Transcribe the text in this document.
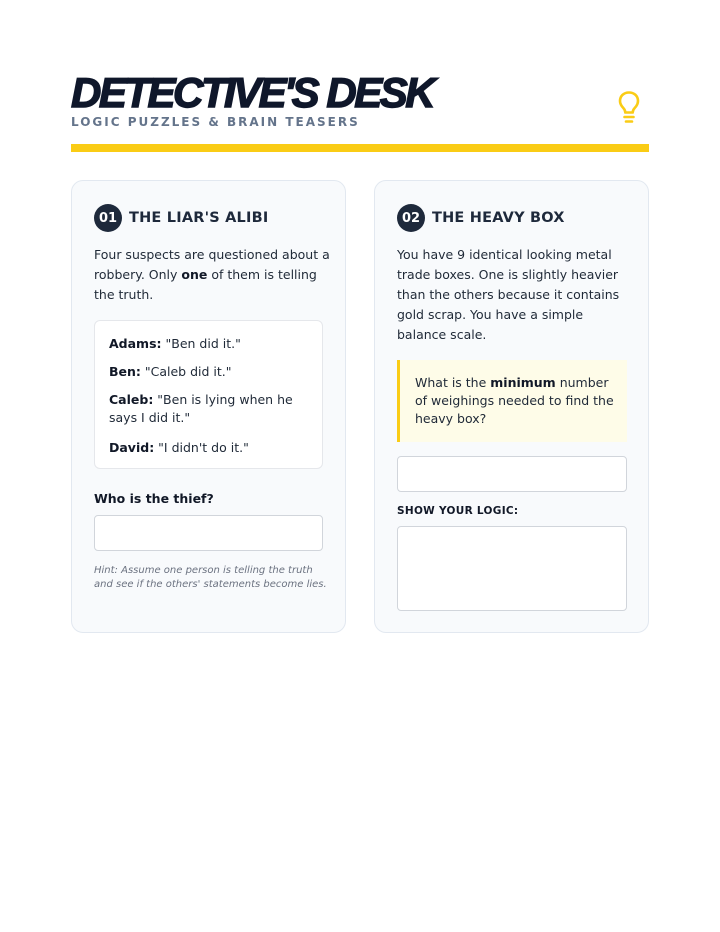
DETECTIVE'S DESK
LOGIC PUZZLES & BRAIN TEASERS
01 THE LIAR'S ALIBI
Four suspects are questioned about a robbery. Only one of them is telling the truth.
Adams: "Ben did it."
Ben: "Caleb did it."
Caleb: "Ben is lying when he says I did it."
David: "I didn't do it."
Who is the thief?
Hint: Assume one person is telling the truth and see if the others' statements become lies.
02 THE HEAVY BOX
You have 9 identical looking metal trade boxes. One is slightly heavier than the others because it contains gold scrap. You have a simple balance scale.
What is the minimum number of weighings needed to find the heavy box?
SHOW YOUR LOGIC:
